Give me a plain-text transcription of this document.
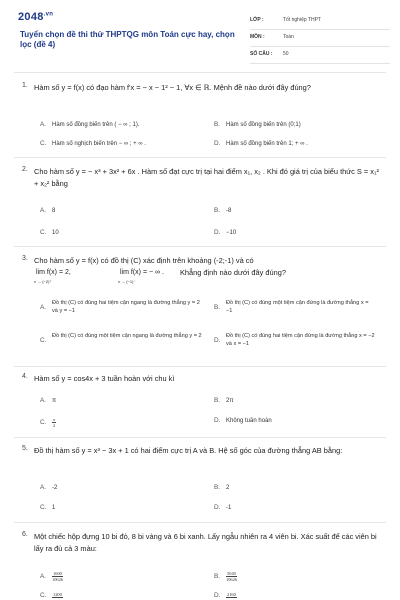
$2048^{.vn}$
Tuyển chọn đề thi thử THPTQG môn Toán cực hay, chọn lọc (đề 4)
LỚP :	Tốt nghiệp THPT
MÔN :	Toán
SỐ CÂU : 50
1. Hàm số y = f(x) có đạo hàm f'x = − x − 1² − 1, ∀x ∈ ℝ. Mệnh đề nào dưới đây đúng?
A. Hàm số đồng biến trên ( − ∞ ; 1).	B. Hàm số đồng biến trên (0;1)
C. Hàm số nghịch biến trên − ∞ ; + ∞ .	D. Hàm số đồng biến trên 1; + ∞ .
2. Cho hàm số y = − x³ + 3x² + 6x . Hàm số đạt cực trị tại hai điểm x₁, x₂ . Khi đó giá trị của biểu thức S = x₁² + x₂² bằng
A. 8	B. -8
C. 10	D. −10
3. Cho hàm số y = f(x) có đồ thị (C) xác định trên khoảng (-2;-1) và có
lim f(x) = 2,
x → (−2)⁺
lim f(x) = − ∞ .
x → (−1)⁻
Khẳng định nào dưới đây đúng?
A.
Đồ thị (C) có đúng hai tiệm cận ngang là đường thẳng y = 2 và y = −1	B.
Đồ thị (C) có đúng một tiệm cận đứng là đường thẳng x = −1
C.
Đồ thị (C) có đúng một tiệm cận ngang là đường thẳng y = 2
D.
Đồ thị (C) có đúng hai tiệm cận đứng là đường thẳng x = −2 và x = −1
4. Hàm số y = cos4x + 3 tuần hoàn với chu kì
A. π	B. 2π
C. $\frac{\pi}{2}$	D. Không tuần hoàn
5. Đồ thị hàm số y = x³ − 3x + 1 có hai điểm cực trị A và B. Hệ số góc của đường thẳng AB bằng:
A. -2	B. 2
C. 1	D. -1
6. Một chiếc hộp đựng 10 bi đỏ, 8 bi vàng và 6 bi xanh. Lấy ngẫu nhiên ra 4 viên bi. Xác suất để các viên bi lấy ra đủ cả 3 màu:
A. $\frac{1600}{10626}$	B. $\frac{5040}{10626}$
C. 1200	D. 2160
